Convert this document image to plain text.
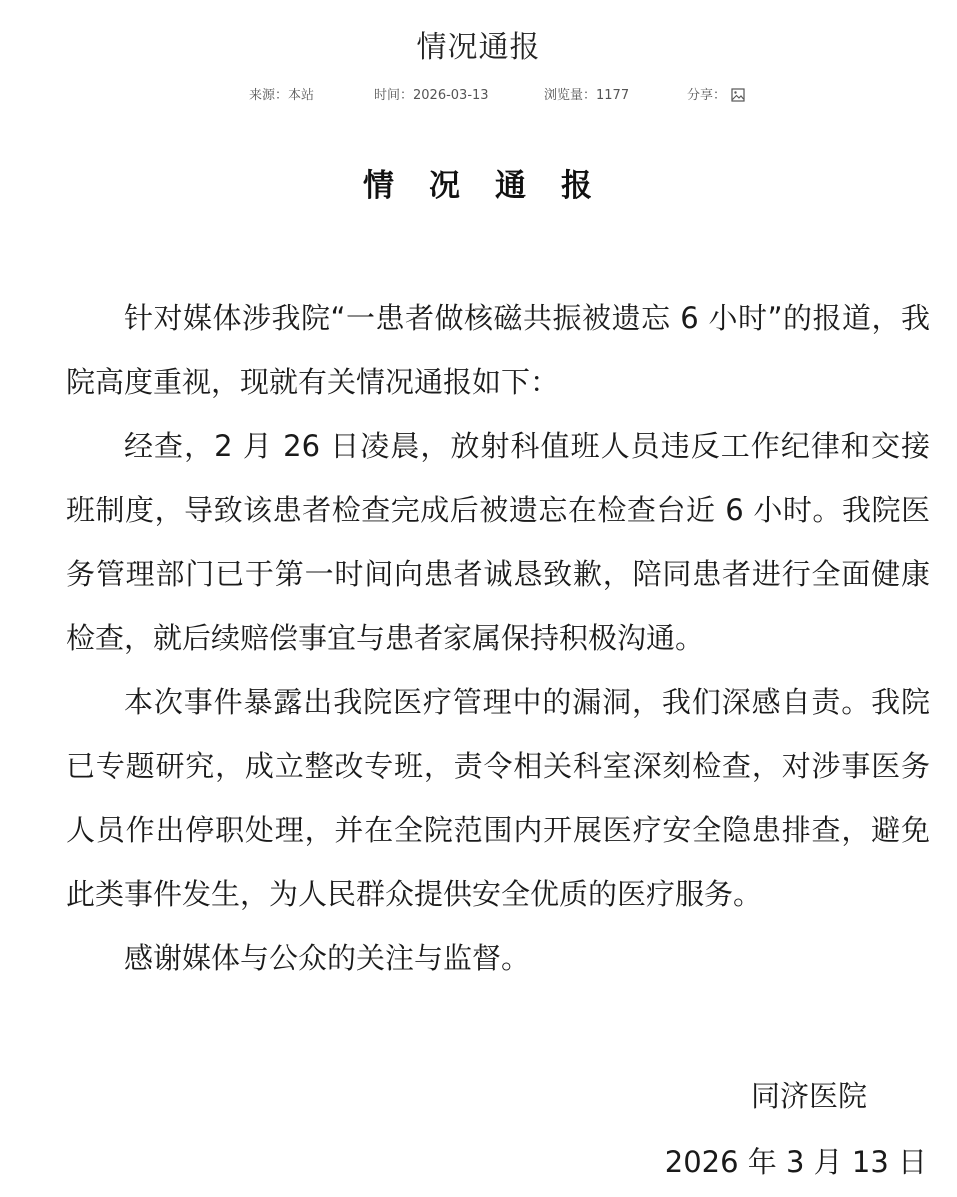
情况通报
来源：本站	时间：2026-03-13	浏览量：1177	分享：
情　况　通　报

针对媒体涉我院“一患者做核磁共振被遗忘 6 小时”的报道，我院高度重视，现就有关情况通报如下：

经查，2 月 26 日凌晨，放射科值班人员违反工作纪律和交接班制度，导致该患者检查完成后被遗忘在检查台近 6 小时。我院医务管理部门已于第一时间向患者诚恳致歉，陪同患者进行全面健康检查，就后续赔偿事宜与患者家属保持积极沟通。

本次事件暴露出我院医疗管理中的漏洞，我们深感自责。我院已专题研究，成立整改专班，责令相关科室深刻检查，对涉事医务人员作出停职处理，并在全院范围内开展医疗安全隐患排查，避免此类事件发生，为人民群众提供安全优质的医疗服务。

感谢媒体与公众的关注与监督。

同济医院
2026 年 3 月 13 日
